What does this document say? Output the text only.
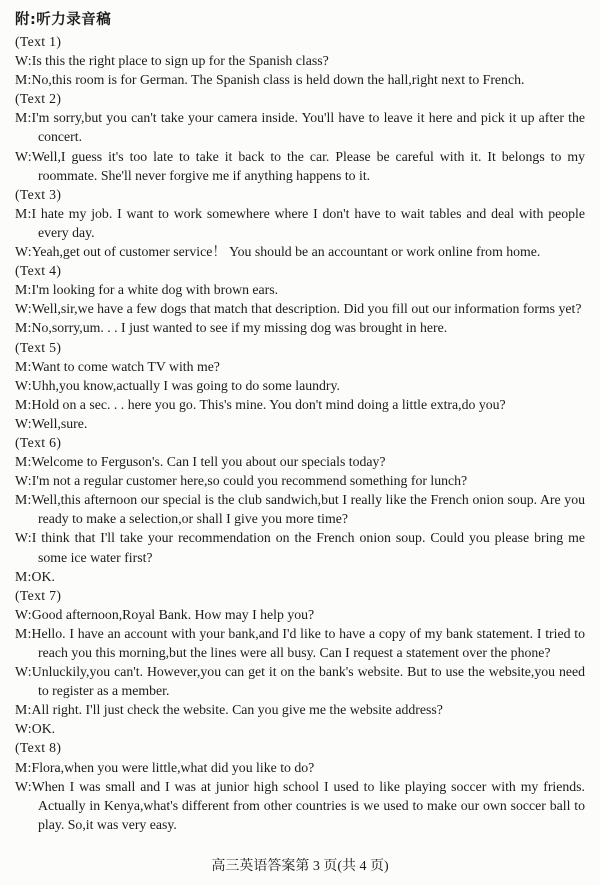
附:听力录音稿

(Text 1)

W:Is this the right place to sign up for the Spanish class?

M:No,this room is for German. The Spanish class is held down the hall,right next to French.

(Text 2)

M:I'm sorry,but you can't take your camera inside. You'll have to leave it here and pick it up after the concert.

W:Well,I guess it's too late to take it back to the car. Please be careful with it. It belongs to my roommate. She'll never forgive me if anything happens to it.

(Text 3)

M:I hate my job. I want to work somewhere where I don't have to wait tables and deal with people every day.

W:Yeah,get out of customer service！ You should be an accountant or work online from home.

(Text 4)

M:I'm looking for a white dog with brown ears.

W:Well,sir,we have a few dogs that match that description. Did you fill out our information forms yet?

M:No,sorry,um. . . I just wanted to see if my missing dog was brought in here.

(Text 5)

M:Want to come watch TV with me?

W:Uhh,you know,actually I was going to do some laundry.

M:Hold on a sec. . . here you go. This's mine. You don't mind doing a little extra,do you?

W:Well,sure.

(Text 6)

M:Welcome to Ferguson's. Can I tell you about our specials today?

W:I'm not a regular customer here,so could you recommend something for lunch?

M:Well,this afternoon our special is the club sandwich,but I really like the French onion soup. Are you ready to make a selection,or shall I give you more time?

W:I think that I'll take your recommendation on the French onion soup. Could you please bring me some ice water first?

M:OK.

(Text 7)

W:Good afternoon,Royal Bank. How may I help you?

M:Hello. I have an account with your bank,and I'd like to have a copy of my bank statement. I tried to reach you this morning,but the lines were all busy. Can I request a statement over the phone?

W:Unluckily,you can't. However,you can get it on the bank's website. But to use the website,you need to register as a member.

M:All right. I'll just check the website. Can you give me the website address?

W:OK.

(Text 8)

M:Flora,when you were little,what did you like to do?

W:When I was small and I was at junior high school I used to like playing soccer with my friends. Actually in Kenya,what's different from other countries is we used to make our own soccer ball to play. So,it was very easy.

高三英语答案第 3 页(共 4 页)
